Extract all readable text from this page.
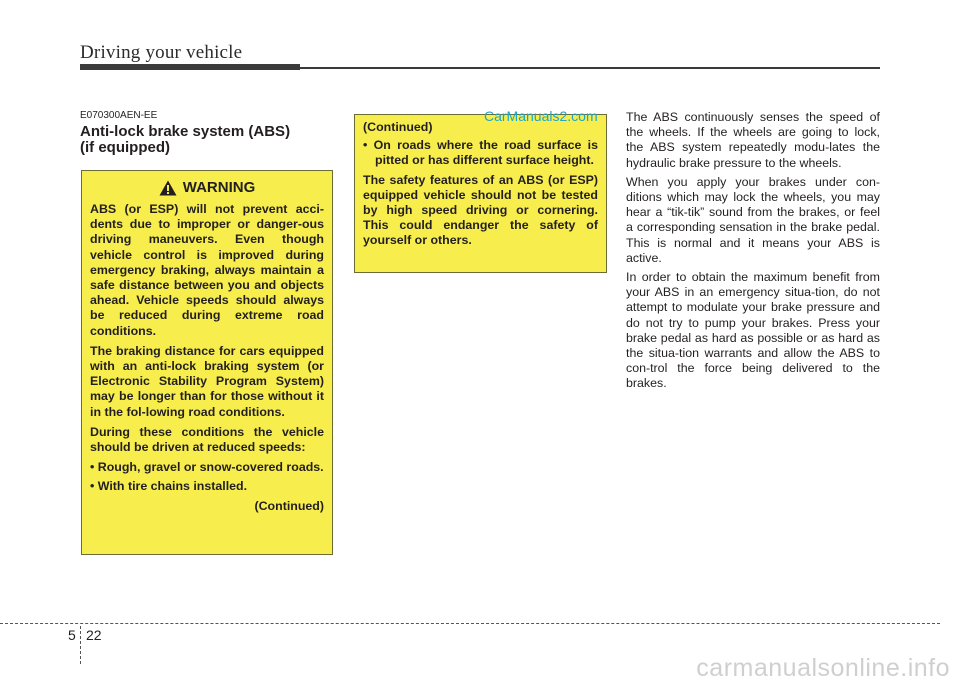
Driving your vehicle
E070300AEN-EE
Anti-lock brake system (ABS)
(if equipped)
WARNING

ABS (or ESP) will not prevent acci-dents due to improper or danger-ous driving maneuvers. Even though vehicle control is improved during emergency braking, always maintain a safe distance between you and objects ahead. Vehicle speeds should always be reduced during extreme road conditions.

The braking distance for cars equipped with an anti-lock braking system (or Electronic Stability Program System) may be longer than for those without it in the fol-lowing road conditions.

During these conditions the vehicle should be driven at reduced speeds:

• Rough, gravel or snow-covered roads.

• With tire chains installed.

(Continued)

(Continued)

• On roads where the road surface is pitted or has different surface height.

The safety features of an ABS (or ESP) equipped vehicle should not be tested by high speed driving or cornering. This could endanger the safety of yourself or others.

CarManuals2.com The ABS continuously senses the speed of the wheels. If the wheels are going to lock, the ABS system repeatedly modu-lates the hydraulic brake pressure to the wheels.

When you apply your brakes under con-ditions which may lock the wheels, you may hear a “tik-tik” sound from the brakes, or feel a corresponding sensation in the brake pedal. This is normal and it means your ABS is active.

In order to obtain the maximum benefit from your ABS in an emergency situa-tion, do not attempt to modulate your brake pressure and do not try to pump your brakes. Press your brake pedal as hard as possible or as hard as the situa-tion warrants and allow the ABS to con-trol the force being delivered to the brakes.

5 22
carmanualsonline.info
